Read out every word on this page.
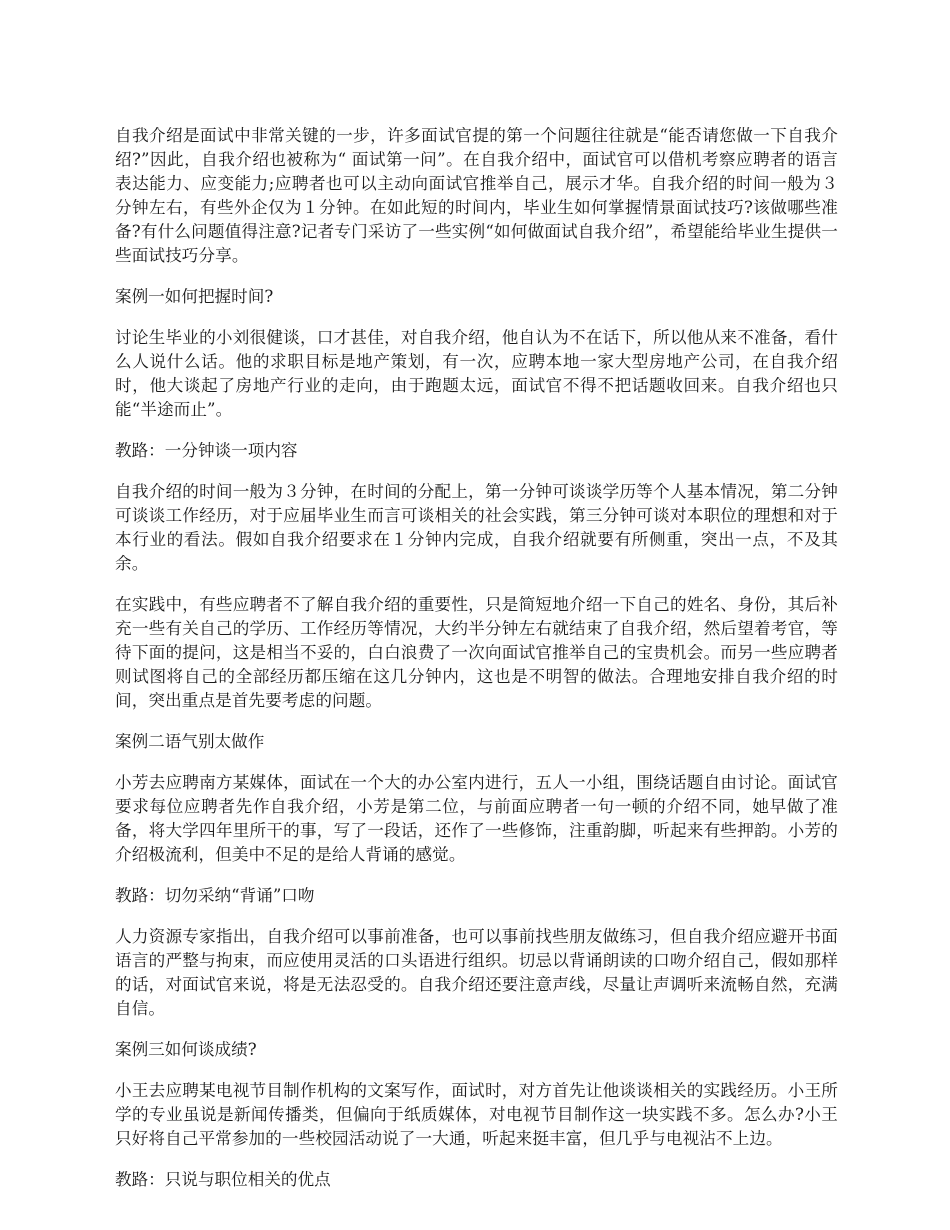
自我介绍是面试中非常关键的一步，许多面试官提的第一个问题往往就是“能否请您做一下自我介绍?”因此，自我介绍也被称为“ 面试第一问”。在自我介绍中，面试官可以借机考察应聘者的语言表达能力、应变能力;应聘者也可以主动向面试官推举自己，展示才华。自我介绍的时间一般为３分钟左右，有些外企仅为１分钟。在如此短的时间内，毕业生如何掌握情景面试技巧?该做哪些准备?有什么问题值得注意?记者专门采访了一些实例“如何做面试自我介绍”，希望能给毕业生提供一些面试技巧分享。

案例一如何把握时间?

讨论生毕业的小刘很健谈，口才甚佳，对自我介绍，他自认为不在话下，所以他从来不准备，看什么人说什么话。他的求职目标是地产策划，有一次，应聘本地一家大型房地产公司，在自我介绍时，他大谈起了房地产行业的走向，由于跑题太远，面试官不得不把话题收回来。自我介绍也只能“半途而止”。

教路：一分钟谈一项内容

自我介绍的时间一般为３分钟，在时间的分配上，第一分钟可谈谈学历等个人基本情况，第二分钟可谈谈工作经历，对于应届毕业生而言可谈相关的社会实践，第三分钟可谈对本职位的理想和对于本行业的看法。假如自我介绍要求在１分钟内完成，自我介绍就要有所侧重，突出一点，不及其余。

在实践中，有些应聘者不了解自我介绍的重要性，只是简短地介绍一下自己的姓名、身份，其后补充一些有关自己的学历、工作经历等情况，大约半分钟左右就结束了自我介绍，然后望着考官，等待下面的提问，这是相当不妥的，白白浪费了一次向面试官推举自己的宝贵机会。而另一些应聘者则试图将自己的全部经历都压缩在这几分钟内，这也是不明智的做法。合理地安排自我介绍的时间，突出重点是首先要考虑的问题。

案例二语气别太做作

小芳去应聘南方某媒体，面试在一个大的办公室内进行，五人一小组，围绕话题自由讨论。面试官要求每位应聘者先作自我介绍，小芳是第二位，与前面应聘者一句一顿的介绍不同，她早做了准备，将大学四年里所干的事，写了一段话，还作了一些修饰，注重韵脚，听起来有些押韵。小芳的介绍极流利，但美中不足的是给人背诵的感觉。

教路：切勿采纳“背诵”口吻

人力资源专家指出，自我介绍可以事前准备，也可以事前找些朋友做练习，但自我介绍应避开书面语言的严整与拘束，而应使用灵活的口头语进行组织。切忌以背诵朗读的口吻介绍自己，假如那样的话，对面试官来说，将是无法忍受的。自我介绍还要注意声线，尽量让声调听来流畅自然，充满自信。

案例三如何谈成绩?

小王去应聘某电视节目制作机构的文案写作，面试时，对方首先让他谈谈相关的实践经历。小王所学的专业虽说是新闻传播类，但偏向于纸质媒体，对电视节目制作这一块实践不多。怎么办?小王只好将自己平常参加的一些校园活动说了一大通，听起来挺丰富，但几乎与电视沾不上边。

教路：只说与职位相关的优点
